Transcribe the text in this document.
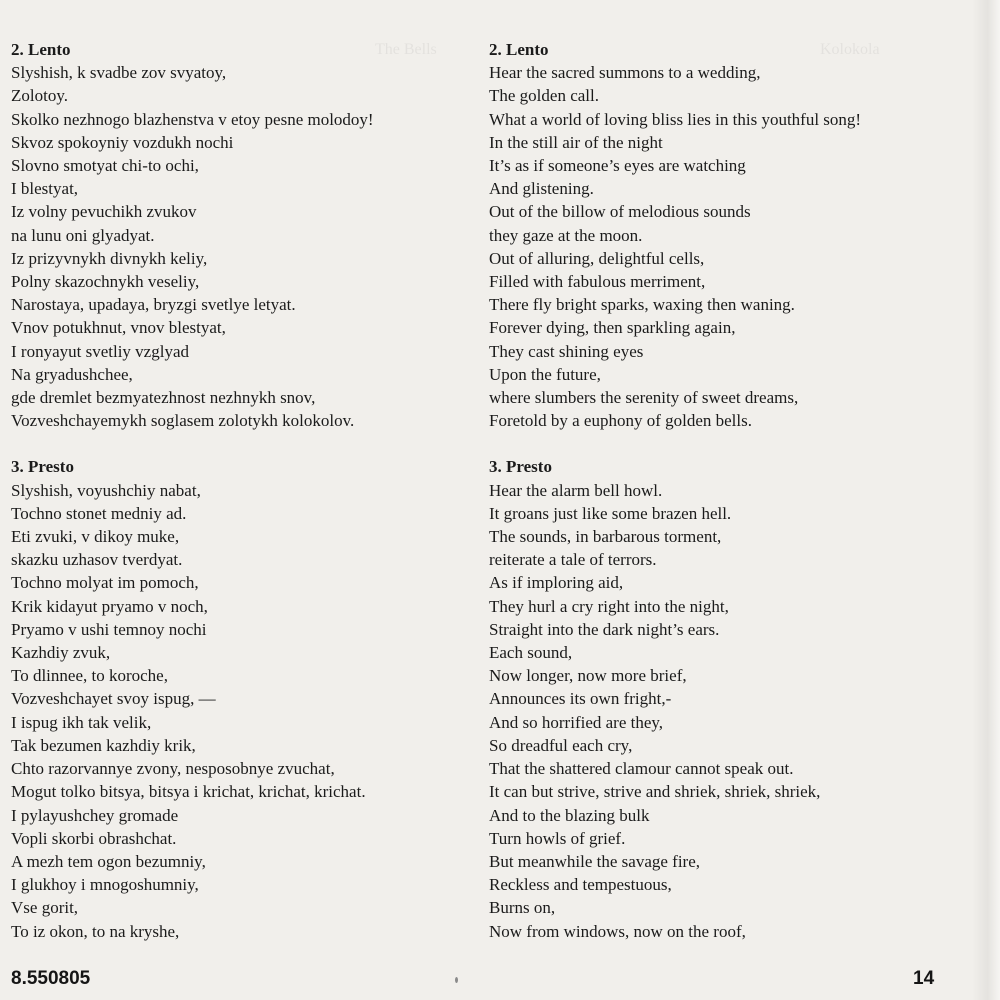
The Bells	Kolokola
2. Lento
Slyshish, k svadbe zov svyatoy,
Zolotoy.
Skolko nezhnogo blazhenstva v etoy pesne molodoy!
Skvoz spokoyniy vozdukh nochi
Slovno smotyat chi-to ochi,
I blestyat,
Iz volny pevuchikh zvukov
na lunu oni glyadyat.
Iz prizyvnykh divnykh keliy,
Polny skazochnykh veseliy,
Narostaya, upadaya, bryzgi svetlye letyat.
Vnov potukhnut, vnov blestyat,
I ronyayut svetliy vzglyad
Na gryadushchee,
gde dremlet bezmyatezhnost nezhnykh snov,
Vozveshchayemykh soglasem zolotykh kolokolov.
3. Presto
Slyshish, voyushchiy nabat,
Tochno stonet medniy ad.
Eti zvuki, v dikoy muke,
skazku uzhasov tverdyat.
Tochno molyat im pomoch,
Krik kidayut pryamo v noch,
Pryamo v ushi temnoy nochi
Kazhdiy zvuk,
To dlinnee, to koroche,
Vozveshchayet svoy ispug, —
I ispug ikh tak velik,
Tak bezumen kazhdiy krik,
Chto razorvannye zvony, nesposobnye zvuchat,
Mogut tolko bitsya, bitsya i krichat, krichat, krichat.
I pylayushchey gromade
Vopli skorbi obrashchat.
A mezh tem ogon bezumniy,
I glukhoy i mnogoshumniy,
Vse gorit,
To iz okon, to na kryshe,
2. Lento
Hear the sacred summons to a wedding,
The golden call.
What a world of loving bliss lies in this youthful song!
In the still air of the night
It’s as if someone’s eyes are watching
And glistening.
Out of the billow of melodious sounds
they gaze at the moon.
Out of alluring, delightful cells,
Filled with fabulous merriment,
There fly bright sparks, waxing then waning.
Forever dying, then sparkling again,
They cast shining eyes
Upon the future,
where slumbers the serenity of sweet dreams,
Foretold by a euphony of golden bells.
3. Presto
Hear the alarm bell howl.
It groans just like some brazen hell.
The sounds, in barbarous torment,
reiterate a tale of terrors.
As if imploring aid,
They hurl a cry right into the night,
Straight into the dark night’s ears.
Each sound,
Now longer, now more brief,
Announces its own fright,-
And so horrified are they,
So dreadful each cry,
That the shattered clamour cannot speak out.
It can but strive, strive and shriek, shriek, shriek,
And to the blazing bulk
Turn howls of grief.
But meanwhile the savage fire,
Reckless and tempestuous,
Burns on,
Now from windows, now on the roof,
8.550805	14
